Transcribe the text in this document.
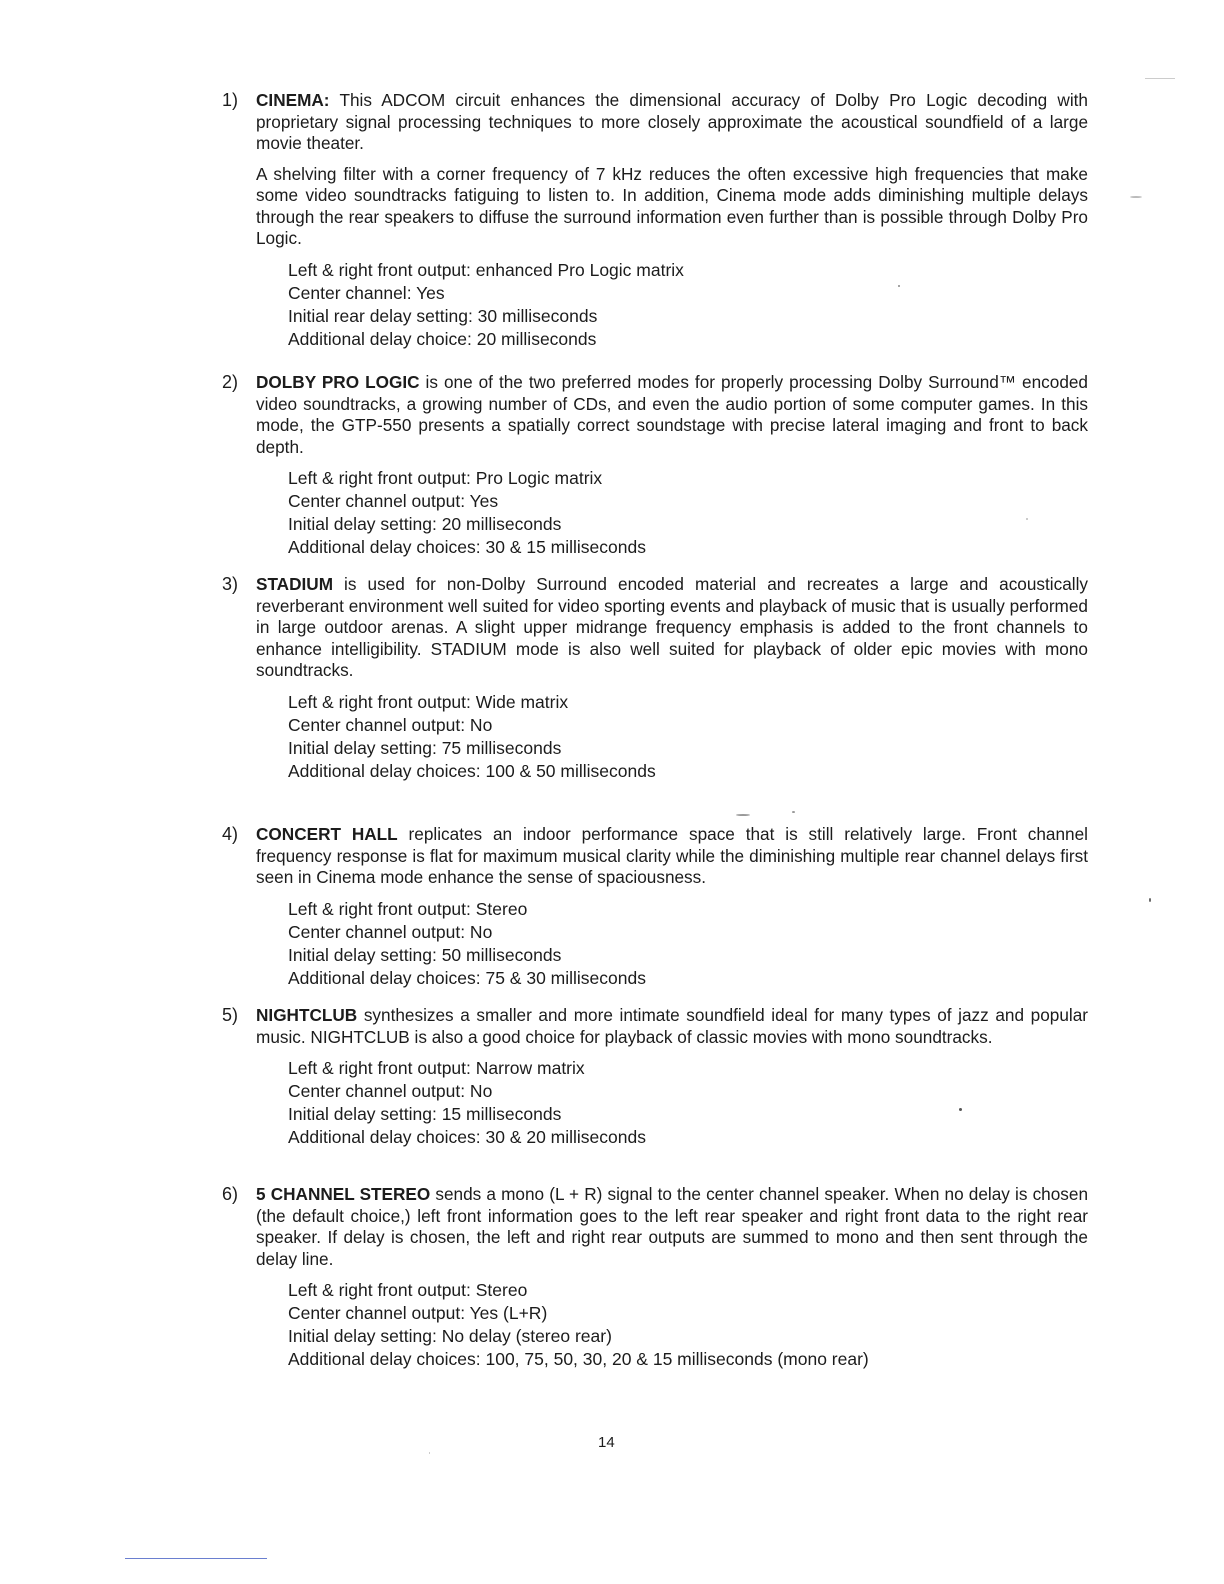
1) CINEMA: This ADCOM circuit enhances the dimensional accuracy of Dolby Pro Logic decoding with proprietary signal processing techniques to more closely approximate the acoustical soundfield of a large movie theater.

A shelving filter with a corner frequency of 7 kHz reduces the often excessive high frequencies that make some video soundtracks fatiguing to listen to. In addition, Cinema mode adds diminishing multiple delays through the rear speakers to diffuse the surround information even further than is possible through Dolby Pro Logic.

Left & right front output: enhanced Pro Logic matrix
Center channel: Yes
Initial rear delay setting: 30 milliseconds
Additional delay choice: 20 milliseconds
2) DOLBY PRO LOGIC is one of the two preferred modes for properly processing Dolby Surround™ encoded video soundtracks, a growing number of CDs, and even the audio portion of some computer games. In this mode, the GTP-550 presents a spatially correct soundstage with precise lateral imaging and front to back depth.

Left & right front output: Pro Logic matrix
Center channel output: Yes
Initial delay setting: 20 milliseconds
Additional delay choices: 30 & 15 milliseconds
3) STADIUM is used for non-Dolby Surround encoded material and recreates a large and acoustically reverberant environment well suited for video sporting events and playback of music that is usually performed in large outdoor arenas. A slight upper midrange frequency emphasis is added to the front channels to enhance intelligibility. STADIUM mode is also well suited for playback of older epic movies with mono soundtracks.

Left & right front output: Wide matrix
Center channel output: No
Initial delay setting: 75 milliseconds
Additional delay choices: 100 & 50 milliseconds
4) CONCERT HALL replicates an indoor performance space that is still relatively large. Front channel frequency response is flat for maximum musical clarity while the diminishing multiple rear channel delays first seen in Cinema mode enhance the sense of spaciousness.

Left & right front output: Stereo
Center channel output: No
Initial delay setting: 50 milliseconds
Additional delay choices: 75 & 30 milliseconds
5) NIGHTCLUB synthesizes a smaller and more intimate soundfield ideal for many types of jazz and popular music. NIGHTCLUB is also a good choice for playback of classic movies with mono soundtracks.

Left & right front output: Narrow matrix
Center channel output: No
Initial delay setting: 15 milliseconds
Additional delay choices: 30 & 20 milliseconds
6) 5 CHANNEL STEREO sends a mono (L + R) signal to the center channel speaker. When no delay is chosen (the default choice,) left front information goes to the left rear speaker and right front data to the right rear speaker. If delay is chosen, the left and right rear outputs are summed to mono and then sent through the delay line.

Left & right front output: Stereo
Center channel output: Yes (L+R)
Initial delay setting: No delay (stereo rear)
Additional delay choices: 100, 75, 50, 30, 20 & 15 milliseconds (mono rear)
14
